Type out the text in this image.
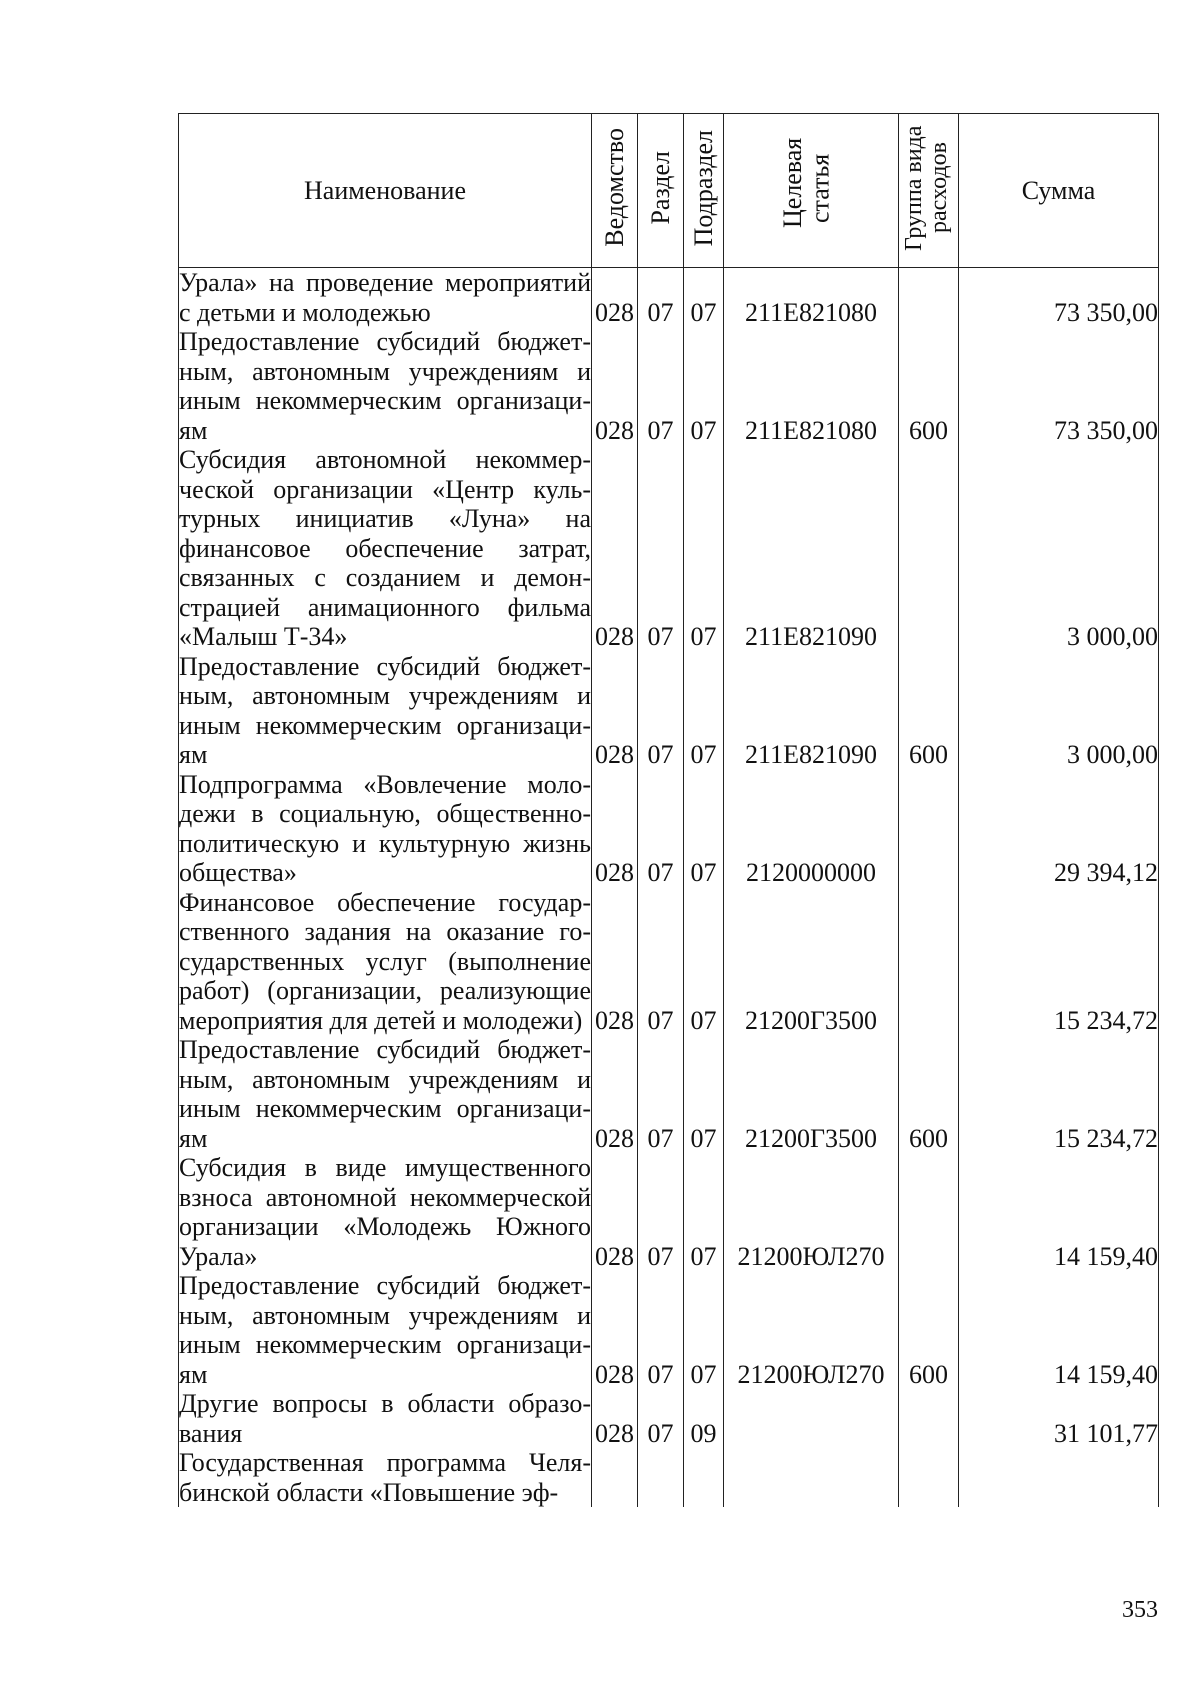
Наименование	Ведомство	Раздел	Подраздел	Целевая статья	Группа вида расходов	Сумма
Урала» на проведение мероприятий с детьми и молодежью	028	07	07	211E821080		73 350,00
Предоставление субсидий бюджетным, автономным учреждениям и иным некоммерческим организациям	028	07	07	211E821080	600	73 350,00
Субсидия автономной некоммерческой организации «Центр культурных инициатив «Луна» на финансовое обеспечение затрат, связанных с созданием и демонстрацией анимационного фильма «Малыш Т-34»	028	07	07	211E821090		3 000,00
Предоставление субсидий бюджетным, автономным учреждениям и иным некоммерческим организациям	028	07	07	211E821090	600	3 000,00
Подпрограмма «Вовлечение молодежи в социальную, общественно-политическую и культурную жизнь общества»	028	07	07	2120000000		29 394,12
Финансовое обеспечение государственного задания на оказание государственных услуг (выполнение работ) (организации, реализующие мероприятия для детей и молодежи)	028	07	07	21200Г3500		15 234,72
Предоставление субсидий бюджетным, автономным учреждениям и иным некоммерческим организациям	028	07	07	21200Г3500	600	15 234,72
Субсидия в виде имущественного взноса автономной некоммерческой организации «Молодежь Южного Урала»	028	07	07	21200ЮЛ270		14 159,40
Предоставление субсидий бюджетным, автономным учреждениям и иным некоммерческим организациям	028	07	07	21200ЮЛ270	600	14 159,40
Другие вопросы в области образования	028	07	09			31 101,77
Государственная программа Челябинской области «Повышение эф-						
353
